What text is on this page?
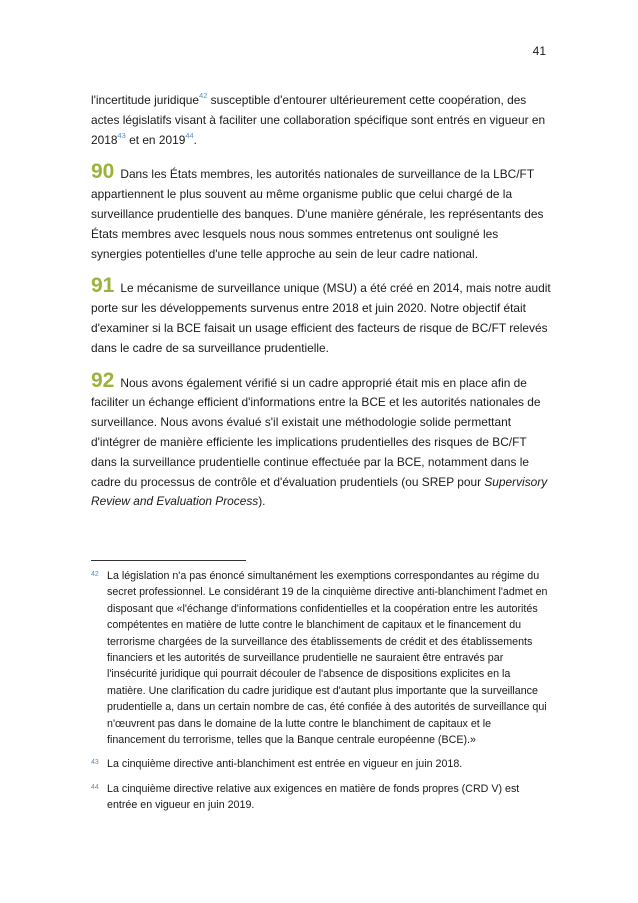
41

l'incertitude juridique$^{42}$ susceptible d'entourer ultérieurement cette coopération, des actes législatifs visant à faciliter une collaboration spécifique sont entrés en vigueur en 2018$^{43}$ et en 2019$^{44}$.

90 Dans les États membres, les autorités nationales de surveillance de la LBC/FT appartiennent le plus souvent au même organisme public que celui chargé de la surveillance prudentielle des banques. D'une manière générale, les représentants des États membres avec lesquels nous nous sommes entretenus ont souligné les synergies potentielles d'une telle approche au sein de leur cadre national.

91 Le mécanisme de surveillance unique (MSU) a été créé en 2014, mais notre audit porte sur les développements survenus entre 2018 et juin 2020. Notre objectif était d'examiner si la BCE faisait un usage efficient des facteurs de risque de BC/FT relevés dans le cadre de sa surveillance prudentielle.

92 Nous avons également vérifié si un cadre approprié était mis en place afin de faciliter un échange efficient d'informations entre la BCE et les autorités nationales de surveillance. Nous avons évalué s'il existait une méthodologie solide permettant d'intégrer de manière efficiente les implications prudentielles des risques de BC/FT dans la surveillance prudentielle continue effectuée par la BCE, notamment dans le cadre du processus de contrôle et d'évaluation prudentiels (ou SREP pour Supervisory Review and Evaluation Process).

42 La législation n'a pas énoncé simultanément les exemptions correspondantes au régime du secret professionnel. Le considérant 19 de la cinquième directive anti-blanchiment l'admet en disposant que «l'échange d'informations confidentielles et la coopération entre les autorités compétentes en matière de lutte contre le blanchiment de capitaux et le financement du terrorisme chargées de la surveillance des établissements de crédit et des établissements financiers et les autorités de surveillance prudentielle ne sauraient être entravés par l'insécurité juridique qui pourrait découler de l'absence de dispositions explicites en la matière. Une clarification du cadre juridique est d'autant plus importante que la surveillance prudentielle a, dans un certain nombre de cas, été confiée à des autorités de surveillance qui n'œuvrent pas dans le domaine de la lutte contre le blanchiment de capitaux et le financement du terrorisme, telles que la Banque centrale européenne (BCE).»
43 La cinquième directive anti-blanchiment est entrée en vigueur en juin 2018.
44 La cinquième directive relative aux exigences en matière de fonds propres (CRD V) est entrée en vigueur en juin 2019.
